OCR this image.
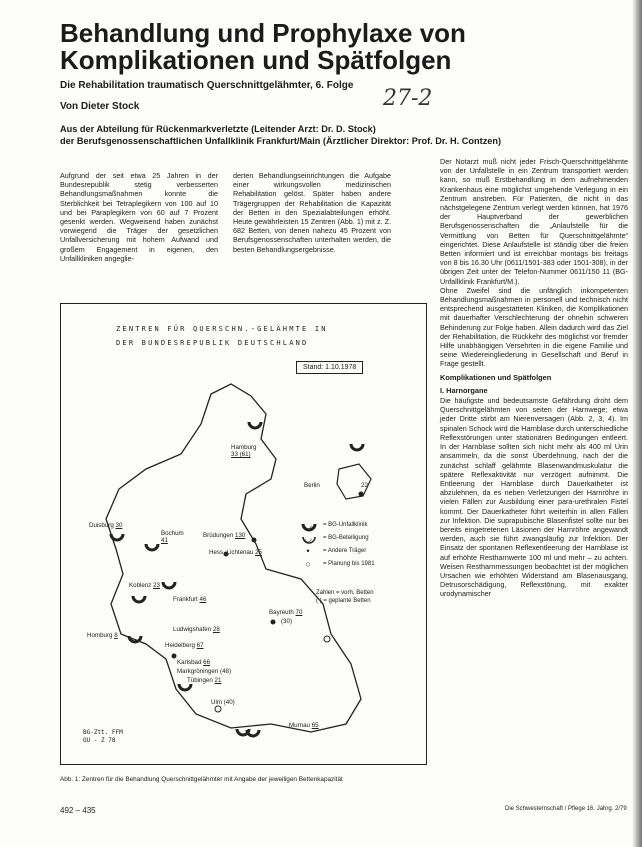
Behandlung und Prophylaxe von Komplikationen und Spätfolgen
Die Rehabilitation traumatisch Querschnittgelähmter, 6. Folge
27-2
Von Dieter Stock
Aus der Abteilung für Rückenmarkverletzte (Leitender Arzt: Dr. D. Stock)
der Berufsgenossenschaftlichen Unfallklinik Frankfurt/Main (Ärztlicher Direktor: Prof. Dr. H. Contzen)

Aufgrund der seit etwa 25 Jahren in der Bundesrepublik stetig verbesserten Behandlungsmaßnahmen konnte die Sterblichkeit bei Tetraplegikern von 100 auf 10 und bei Paraplegikern von 60 auf 7 Prozent gesenkt werden. Wegweisend haben zunächst vorwiegend die Träger der gesetzlichen Unfallversicherung mit hohem Aufwand und großem Engagement in eigenen, den Unfallkliniken angeglie-

derten Behandlungseinrichtungen die Aufgabe einer wirkungsvollen medizinischen Rehabilitation gelöst. Später haben andere Trägergruppen der Rehabilitation die Kapazität der Betten in den Spezialabteilungen erhöht. Heute gewährleisten 15 Zentren (Abb. 1) mit z. Z. 682 Betten, von denen nahezu 45 Prozent von Berufsgenossenschaften unterhalten werden, die besten Behandlungsergebnisse.

Der Notarzt muß nicht jeder Frisch-Querschnittgelähmte von der Unfallstelle in ein Zentrum transportiert werden kann, so muß Erstbehandlung in dem aufnehmenden Krankenhaus eine möglichst umgehende Verlegung in ein Zentrum anstreben. Für Patienten, die nicht in das nächstgelegene Zentrum verlegt werden können, hat 1976 der Hauptverband der gewerblichen Berufsgenossenschaften die „Anlaufstelle für die Vermittlung von Betten für Querschnittgelähmte“ eingerichtet. Diese Anlaufstelle ist ständig über die freien Betten informiert und ist erreichbar montags bis freitags von 8 bis 16.30 Uhr (0611/1501-383 oder 1501-308), in der übrigen Zeit unter der Telefon-Nummer 0611/150 11 (BG-Unfallklinik Frankfurt/M.).

Ohne Zweifel sind die unfänglich inkompetenten Behandlungsmaßnahmen in personell und technisch nicht entsprechend ausgestatteten Kliniken, die Komplikationen mit dauerhafter Verschlechterung der ohnehin schweren Behinderung zur Folge haben. Allein dadurch wird das Ziel der Rehabilitation, die Rückkehr des möglichst vor fremder Hilfe unabhängigen Versehrten in die eigene Familie und seine Wiedereingliederung in Gesellschaft und Beruf in Frage gestellt.

Komplikationen und Spätfolgen
I. Harnorgane

Die häufigste und bedeutsamste Gefährdung droht dem Querschnittgelähmten von seiten der Harnwege; etwa jeder Dritte stirbt am Nierenversagen (Abb. 2, 3, 4). Im spinalen Schock wird die Harnblase durch unterschiedliche Reflexstörungen unter stationären Bedingungen entleert. In der Harnblase sollten sich nicht mehr als 400 ml Urin ansammeln, da die sonst Überdehnung, nach der die zunächst schlaff gelähmte Blasenwandmuskulatur die spätere Reflexaktivität nur verzögert aufnimmt. Die Entleerung der Harnblase durch Dauerkatheter ist abzulehnen, da es neben Verletzungen der Harnröhre in vielen Fällen zur Ausbildung einer para-urethralen Fistel kommt. Der Dauerkatheter führt weiterhin in allen Fällen zur Infektion. Die suprapubische Blasenfistel sollte nur bei bereits eingetretenen Läsionen der Harnröhre angewandt werden, auch sie führt zwangsläufig zur Infektion. Der Einsatz der spontanen Reflexentleerung der Harnblase ist auf erhöhte Restharnwerte 100 ml und mehr – zu achten. Weisen Restharnmessungen beobachtet ist der möglichen Ursachen wie erhöhten Widerstand am Blasenausgang, Detrusorschädigung, Reflexstörung, mit exakter urodynamischer

ZENTREN FÜR QUERSCHN.-GELÄHMTE IN
DER BUNDESREPUBLIK DEUTSCHLAND
Stand: 1.10.1978
Hamburg
33 (61)
Berlin	22
Duisburg 30
Bochum
41
Brüdungen 130
Hess. Lichtenau 25
Koblenz 23
Frankfurt 46
Bayreuth 70
(30)
Ludwigshafen 28
Homburg 8
Heidelberg 67
Karlsbad 66
Markgröningen (48)
Tübingen 21
Ulm (40)
Murnau 65
◡	= BG-Unfallklinik
◡	= BG-Beteiligung
•	= Andere Träger
○	= Planung bis 1981
Zahlen = vorh. Betten
( ) = geplante Betten
BG-Ztt. FFM
OU - Z 78
Abb. 1: Zentren für die Behandlung Querschnittgelähmter mit Angabe der jeweiligen Bettenkapazität
492 – 435	Die Schwesternschaft / Pflege 16. Jahrg. 2/79
